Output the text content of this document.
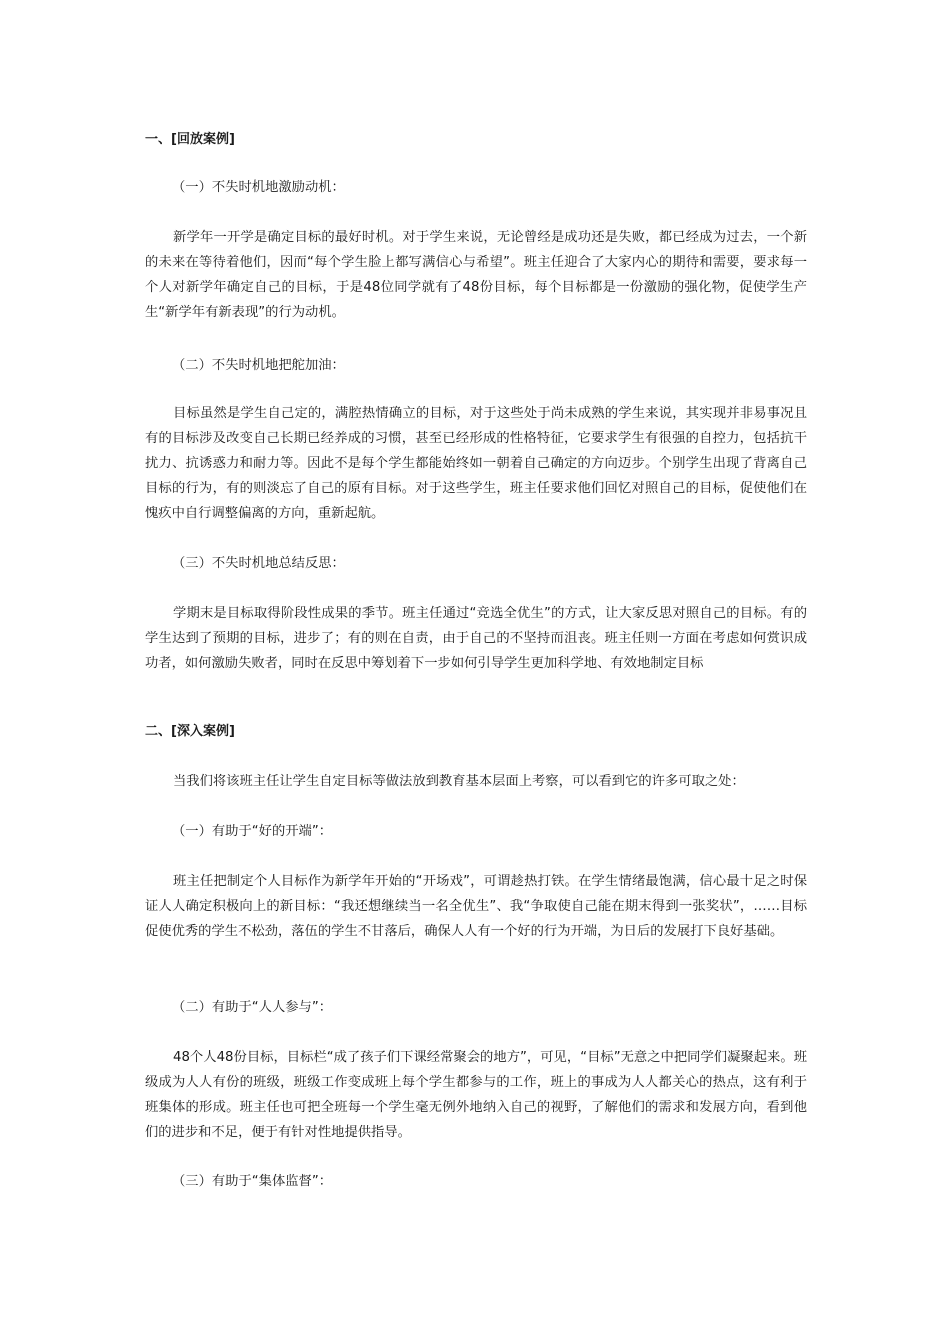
一、[回放案例]

（一）不失时机地激励动机：

新学年一开学是确定目标的最好时机。对于学生来说，无论曾经是成功还是失败，都已经成为过去，一个新的未来在等待着他们，因而“每个学生脸上都写满信心与希望”。班主任迎合了大家内心的期待和需要，要求每一个人对新学年确定自己的目标，于是48位同学就有了48份目标，每个目标都是一份激励的强化物，促使学生产生“新学年有新表现”的行为动机。

（二）不失时机地把舵加油：

目标虽然是学生自己定的，满腔热情确立的目标，对于这些处于尚未成熟的学生来说，其实现并非易事况且有的目标涉及改变自己长期已经养成的习惯，甚至已经形成的性格特征，它要求学生有很强的自控力，包括抗干扰力、抗诱惑力和耐力等。因此不是每个学生都能始终如一朝着自己确定的方向迈步。个别学生出现了背离自己目标的行为，有的则淡忘了自己的原有目标。对于这些学生，班主任要求他们回忆对照自己的目标，促使他们在愧疚中自行调整偏离的方向，重新起航。

（三）不失时机地总结反思：

学期末是目标取得阶段性成果的季节。班主任通过“竞选全优生”的方式，让大家反思对照自己的目标。有的学生达到了预期的目标，进步了；有的则在自责，由于自己的不坚持而沮丧。班主任则一方面在考虑如何赏识成功者，如何激励失败者，同时在反思中筹划着下一步如何引导学生更加科学地、有效地制定目标

二、[深入案例]

当我们将该班主任让学生自定目标等做法放到教育基本层面上考察，可以看到它的许多可取之处：

（一）有助于“好的开端”：

班主任把制定个人目标作为新学年开始的“开场戏”，可谓趁热打铁。在学生情绪最饱满，信心最十足之时保证人人确定积极向上的新目标：“我还想继续当一名全优生”、我“争取使自己能在期末得到一张奖状”，……目标促使优秀的学生不松劲，落伍的学生不甘落后，确保人人有一个好的行为开端，为日后的发展打下良好基础。

（二）有助于“人人参与”：

48个人48份目标，目标栏“成了孩子们下课经常聚会的地方”，可见，“目标”无意之中把同学们凝聚起来。班级成为人人有份的班级，班级工作变成班上每个学生都参与的工作，班上的事成为人人都关心的热点，这有利于班集体的形成。班主任也可把全班每一个学生毫无例外地纳入自己的视野，了解他们的需求和发展方向，看到他们的进步和不足，便于有针对性地提供指导。

（三）有助于“集体监督”：
